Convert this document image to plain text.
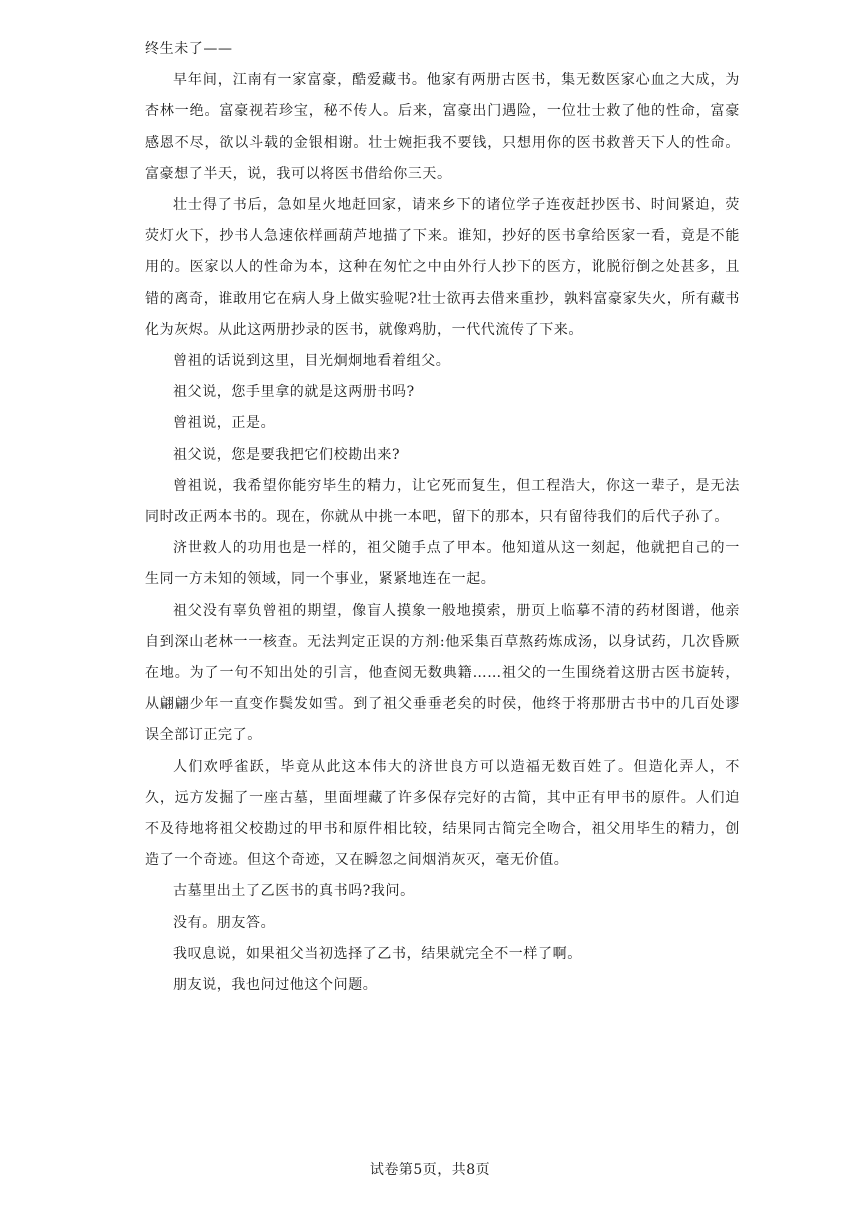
终生未了——

早年间，江南有一家富豪，酷爱藏书。他家有两册古医书，集无数医家心血之大成，为杏林一绝。富豪视若珍宝，秘不传人。后来，富豪出门遇险，一位壮士救了他的性命，富豪感恩不尽，欲以斗载的金银相谢。壮士婉拒我不要钱，只想用你的医书救普天下人的性命。富豪想了半天，说，我可以将医书借给你三天。

壮士得了书后，急如星火地赶回家，请来乡下的诸位学子连夜赶抄医书、时间紧迫，荧荧灯火下，抄书人急速依样画葫芦地描了下来。谁知，抄好的医书拿给医家一看，竟是不能用的。医家以人的性命为本，这种在匆忙之中由外行人抄下的医方，讹脱衍倒之处甚多，且错的离奇，谁敢用它在病人身上做实验呢?壮士欲再去借来重抄，孰料富豪家失火，所有藏书化为灰烬。从此这两册抄录的医书，就像鸡肋，一代代流传了下来。

曾祖的话说到这里，目光炯炯地看着组父。

祖父说，您手里拿的就是这两册书吗?

曾祖说，正是。

祖父说，您是要我把它们校勘出来?

曾祖说，我希望你能穷毕生的精力，让它死而复生，但工程浩大，你这一辈子，是无法同时改正两本书的。现在，你就从中挑一本吧，留下的那本，只有留待我们的后代子孙了。

济世救人的功用也是一样的，祖父随手点了甲本。他知道从这一刻起，他就把自己的一生同一方未知的领域，同一个事业，紧紧地连在一起。

祖父没有辜负曾祖的期望，像盲人摸象一般地摸索，册页上临摹不清的药材图谱，他亲自到深山老林一一核查。无法判定正误的方剂:他采集百草熬药炼成汤，以身试药，几次昏厥在地。为了一句不知出处的引言，他查阅无数典籍……祖父的一生围绕着这册古医书旋转，从翩翩少年一直变作鬓发如雪。到了祖父垂垂老矣的时侯，他终于将那册古书中的几百处谬误全部订正完了。

人们欢呼雀跃，毕竟从此这本伟大的济世良方可以造福无数百姓了。但造化弄人，不久，远方发掘了一座古墓，里面埋藏了许多保存完好的古简，其中正有甲书的原件。人们迫不及待地将祖父校勘过的甲书和原件相比较，结果同古简完全吻合，祖父用毕生的精力，创造了一个奇迹。但这个奇迹，又在瞬忽之间烟消灰灭，毫无价值。

古墓里出土了乙医书的真书吗?我问。

没有。朋友答。

我叹息说，如果祖父当初选择了乙书，结果就完全不一样了啊。

朋友说，我也问过他这个问题。

试卷第5页，共8页
